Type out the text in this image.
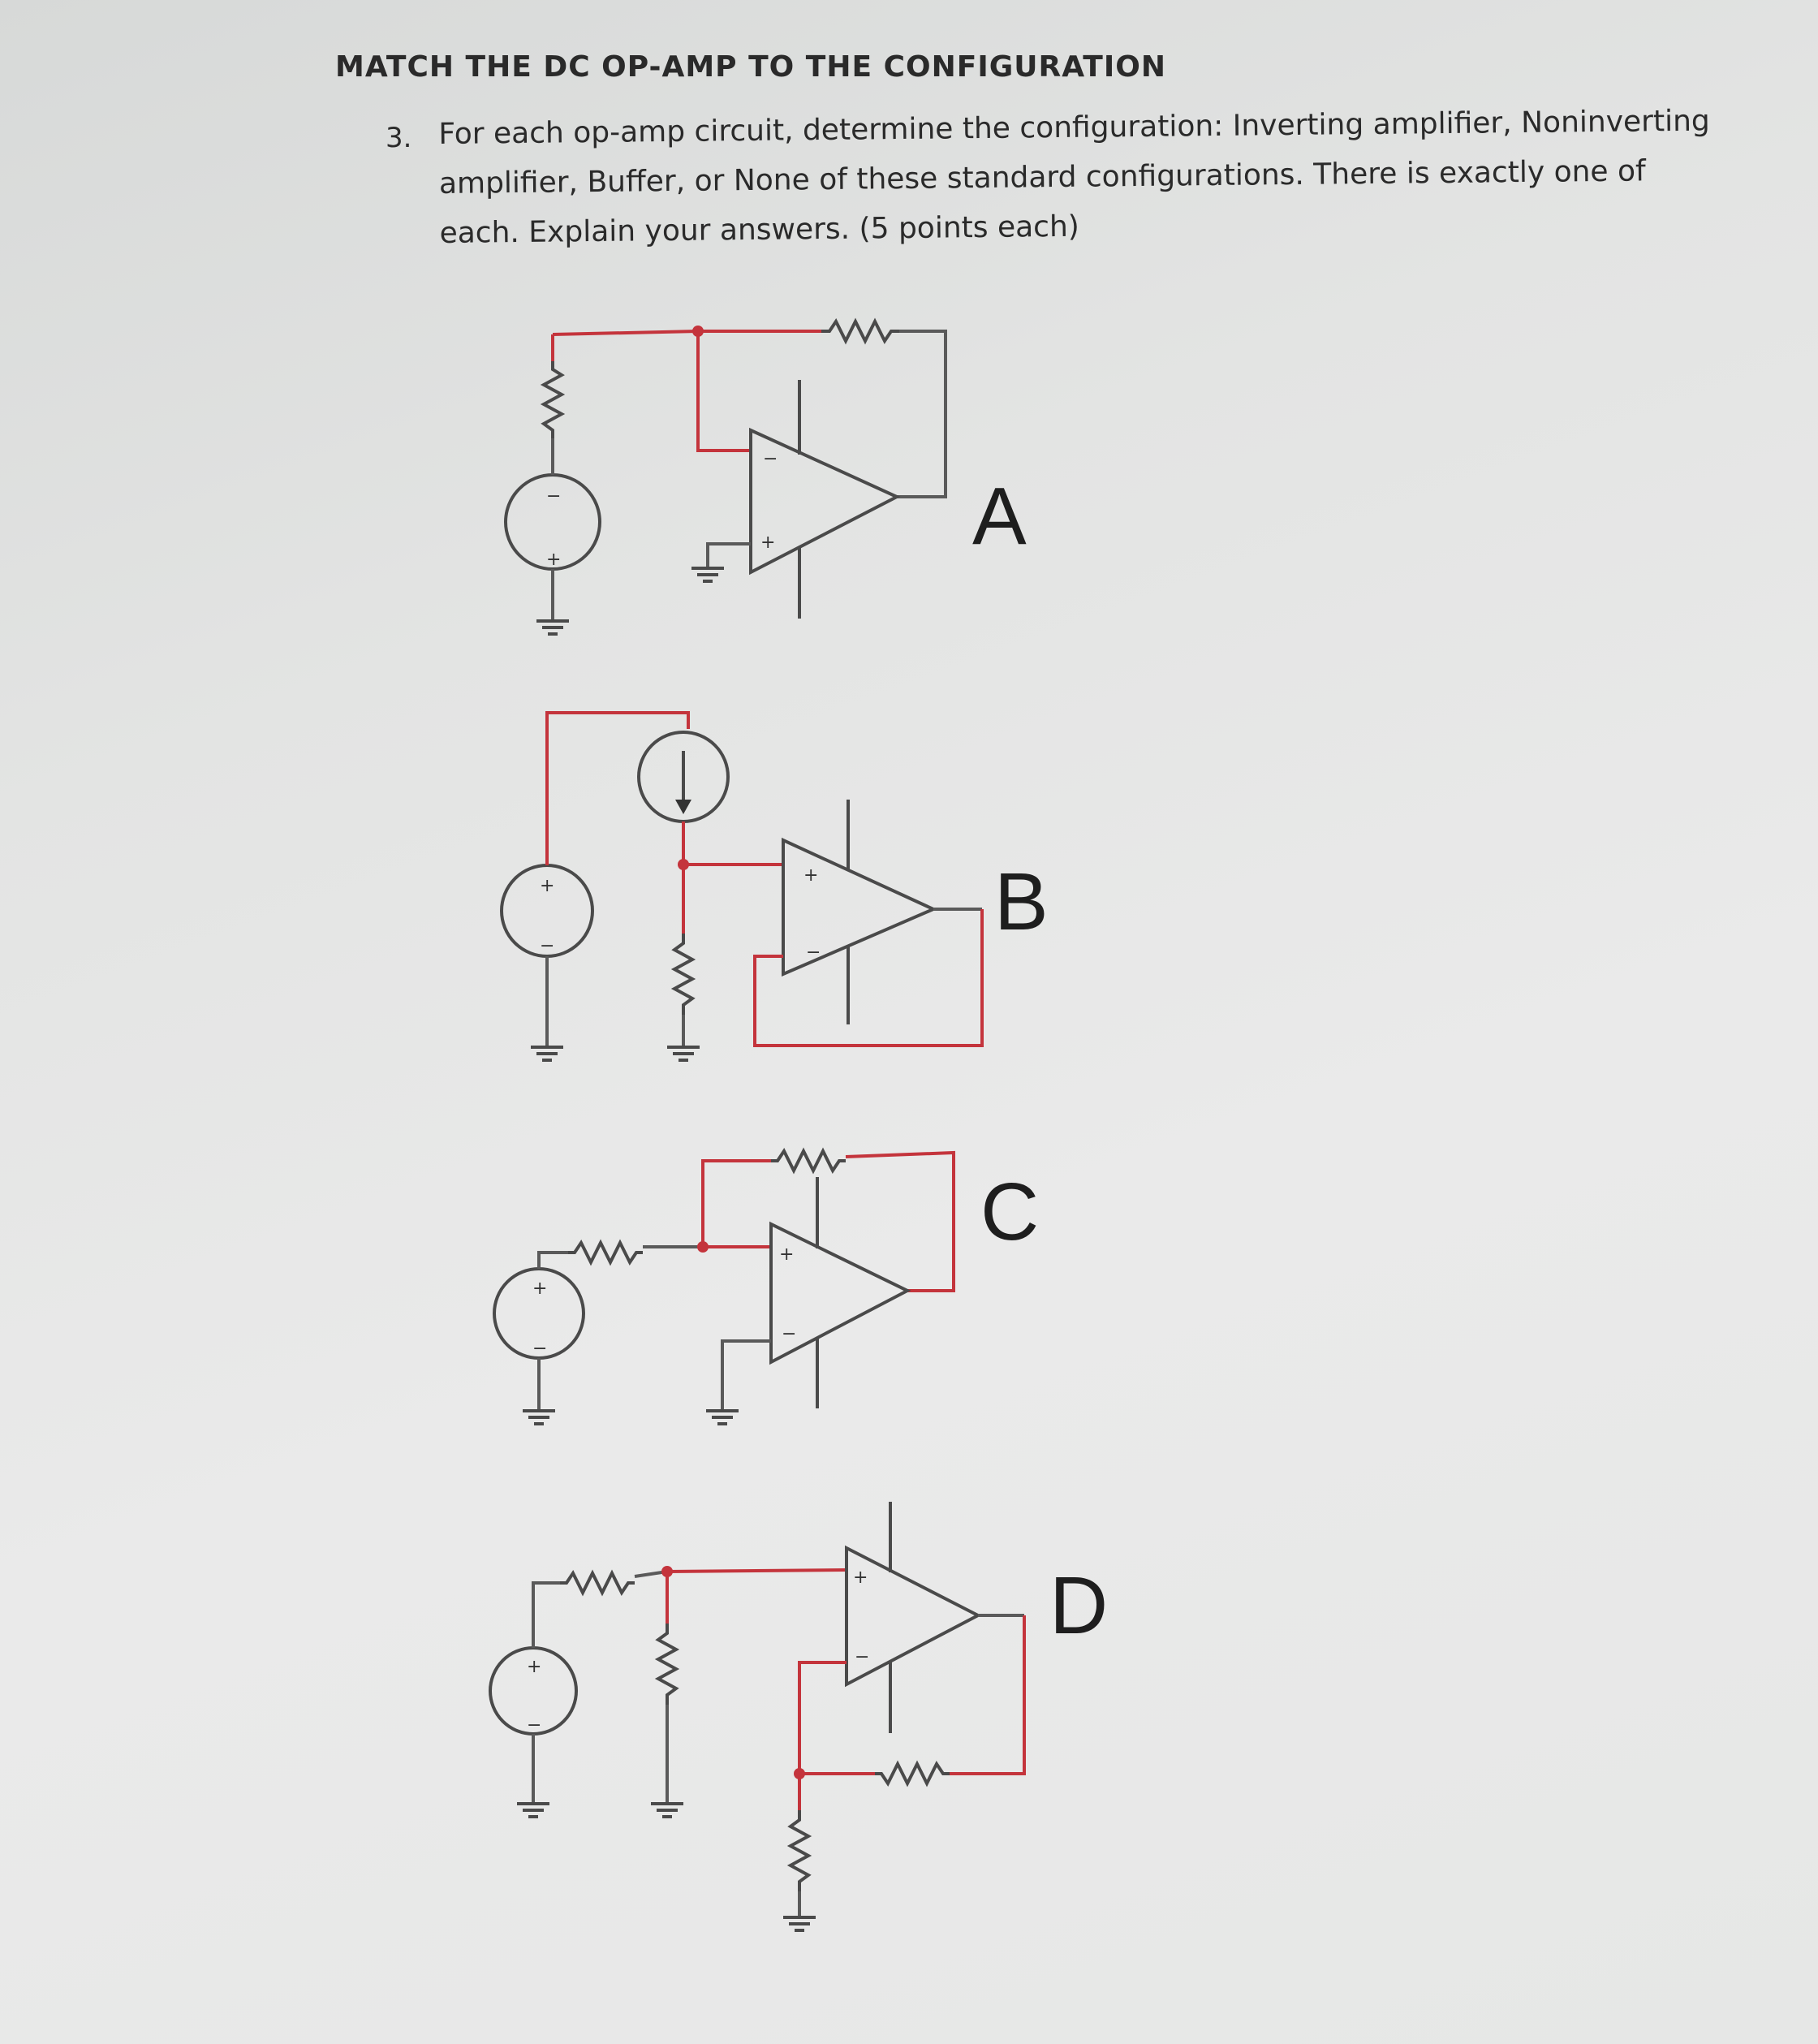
MATCH THE DC OP-AMP TO THE CONFIGURATION
3. For each op-amp circuit, determine the configuration: Inverting amplifier, Noninverting amplifier, Buffer, or None of these standard configurations. There is exactly one of each. Explain your answers. (5 points each)
−
+
−
+ A
+
−
+
−
B
+
−
+
−
C
+
−
+
−
D
